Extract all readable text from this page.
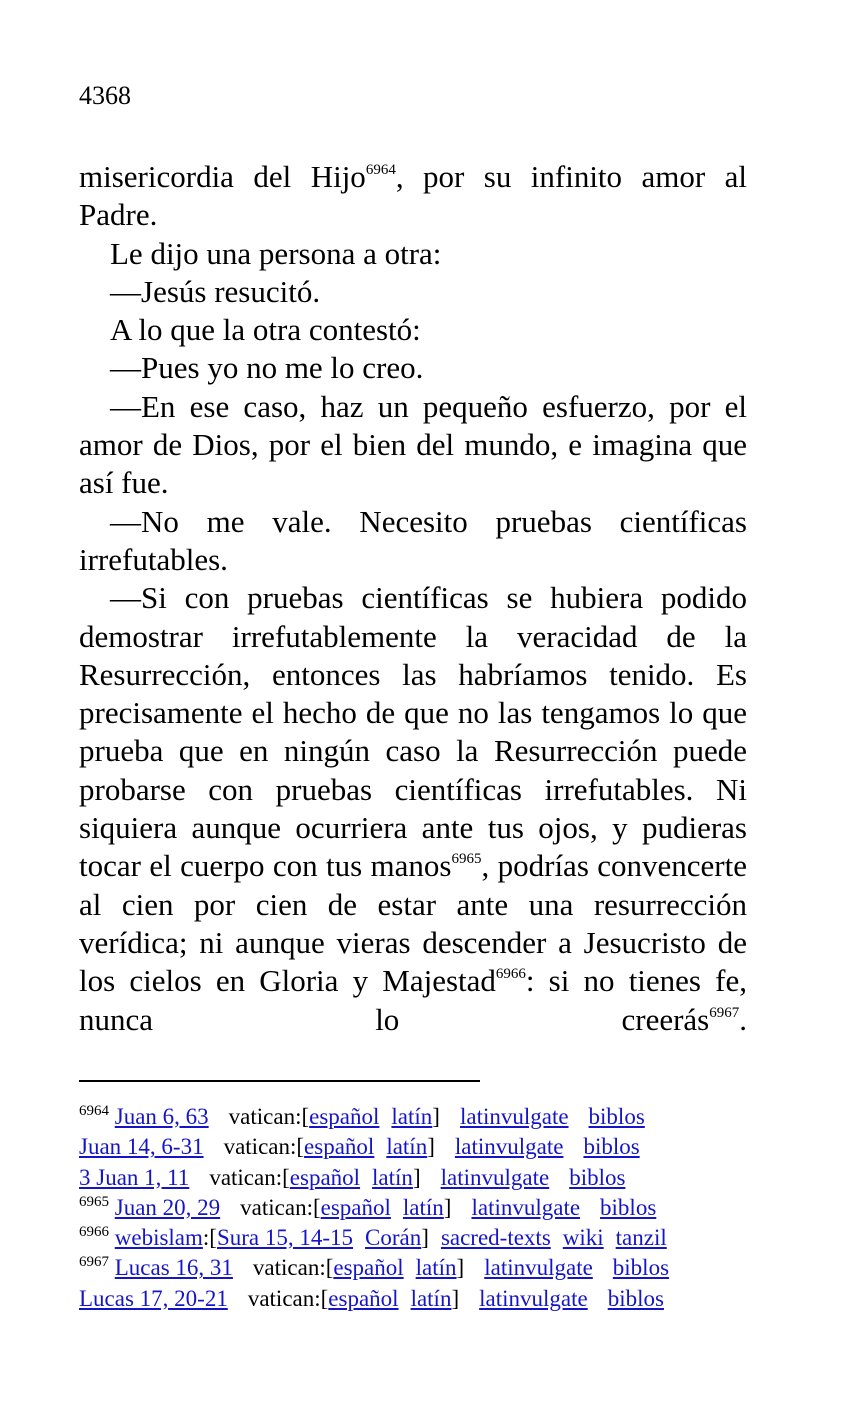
4368

misericordia del Hijo$^{6964}$, por su infinito amor al Padre.

Le dijo una persona a otra:

—Jesús resucitó.

A lo que la otra contestó:

—Pues yo no me lo creo.

—En ese caso, haz un pequeño esfuerzo, por el amor de Dios, por el bien del mundo, e imagina que así fue.

—No me vale. Necesito pruebas científicas irrefutables.

—Si con pruebas científicas se hubiera podido demostrar irrefutablemente la veracidad de la Resurrección, entonces las habríamos tenido. Es precisamente el hecho de que no las tengamos lo que prueba que en ningún caso la Resurrección puede probarse con pruebas científicas irrefutables. Ni siquiera aunque ocurriera ante tus ojos, y pudieras tocar el cuerpo con tus manos$^{6965}$, podrías convencerte al cien por cien de estar ante una resurrección verídica; ni aunque vieras descender a Jesucristo de los cielos en Gloria y Majestad$^{6966}$: si no tienes fe, nunca lo creerás$^{6967}$.

$^{6964}$ Juan 6, 63 vatican:[español latín] latinvulgate biblos
Juan 14, 6-31 vatican:[español latín] latinvulgate biblos
3 Juan 1, 11 vatican:[español latín] latinvulgate biblos
$^{6965}$ Juan 20, 29 vatican:[español latín] latinvulgate biblos
$^{6966}$ webislam:[Sura 15, 14-15 Corán] sacred-texts wiki tanzil
$^{6967}$ Lucas 16, 31 vatican:[español latín] latinvulgate biblos
Lucas 17, 20-21 vatican:[español latín] latinvulgate biblos
